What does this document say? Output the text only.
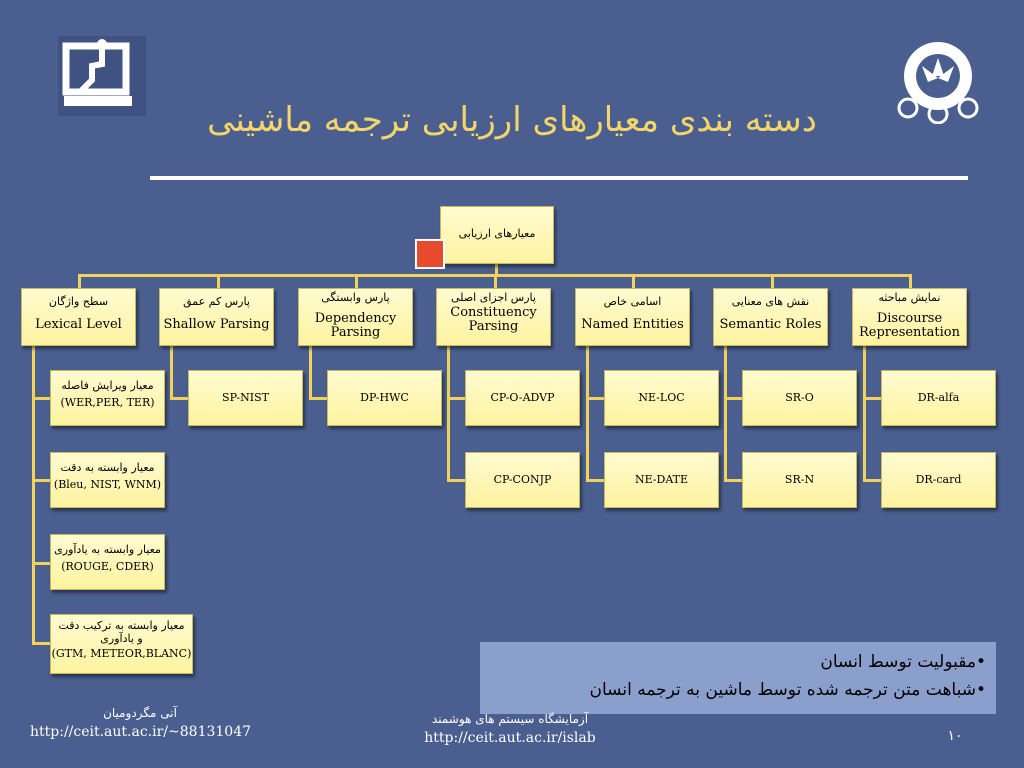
دسته بندی معیارهای ارزیابی ترجمه ماشینی
معیارهای ارزیابی
سطح واژگان
Lexical Level
پارس کم عمق
Shallow Parsing
پارس وابستگی
Dependency Parsing
پارس اجزای اصلی
Constituency Parsing
اسامی خاص
Named Entities
نقش های معنایی
Semantic Roles
نمایش مباحثه
Discourse Representation
معیار ویرایش فاصله
(WER,PER, TER)
معیار وابسته به دقت
(Bleu, NIST, WNM)
معیار وابسته به یادآوری
(ROUGE, CDER)
معیار وابسته به ترکیب دقت و یادآوری
(GTM, METEOR,BLANC)
SP-NIST	DP-HWC	CP-O-ADVP
CP-CONJP
NE-LOC
NE-DATE
SR-O
SR-N
DR-alfa
DR-card
•مقبولیت توسط انسان
•شباهت متن ترجمه شده توسط ماشین به ترجمه انسان
آنی مگردومیان
http://ceit.aut.ac.ir/~88131047
آزمایشگاه سیستم های هوشمند
http://ceit.aut.ac.ir/islab	۱۰
